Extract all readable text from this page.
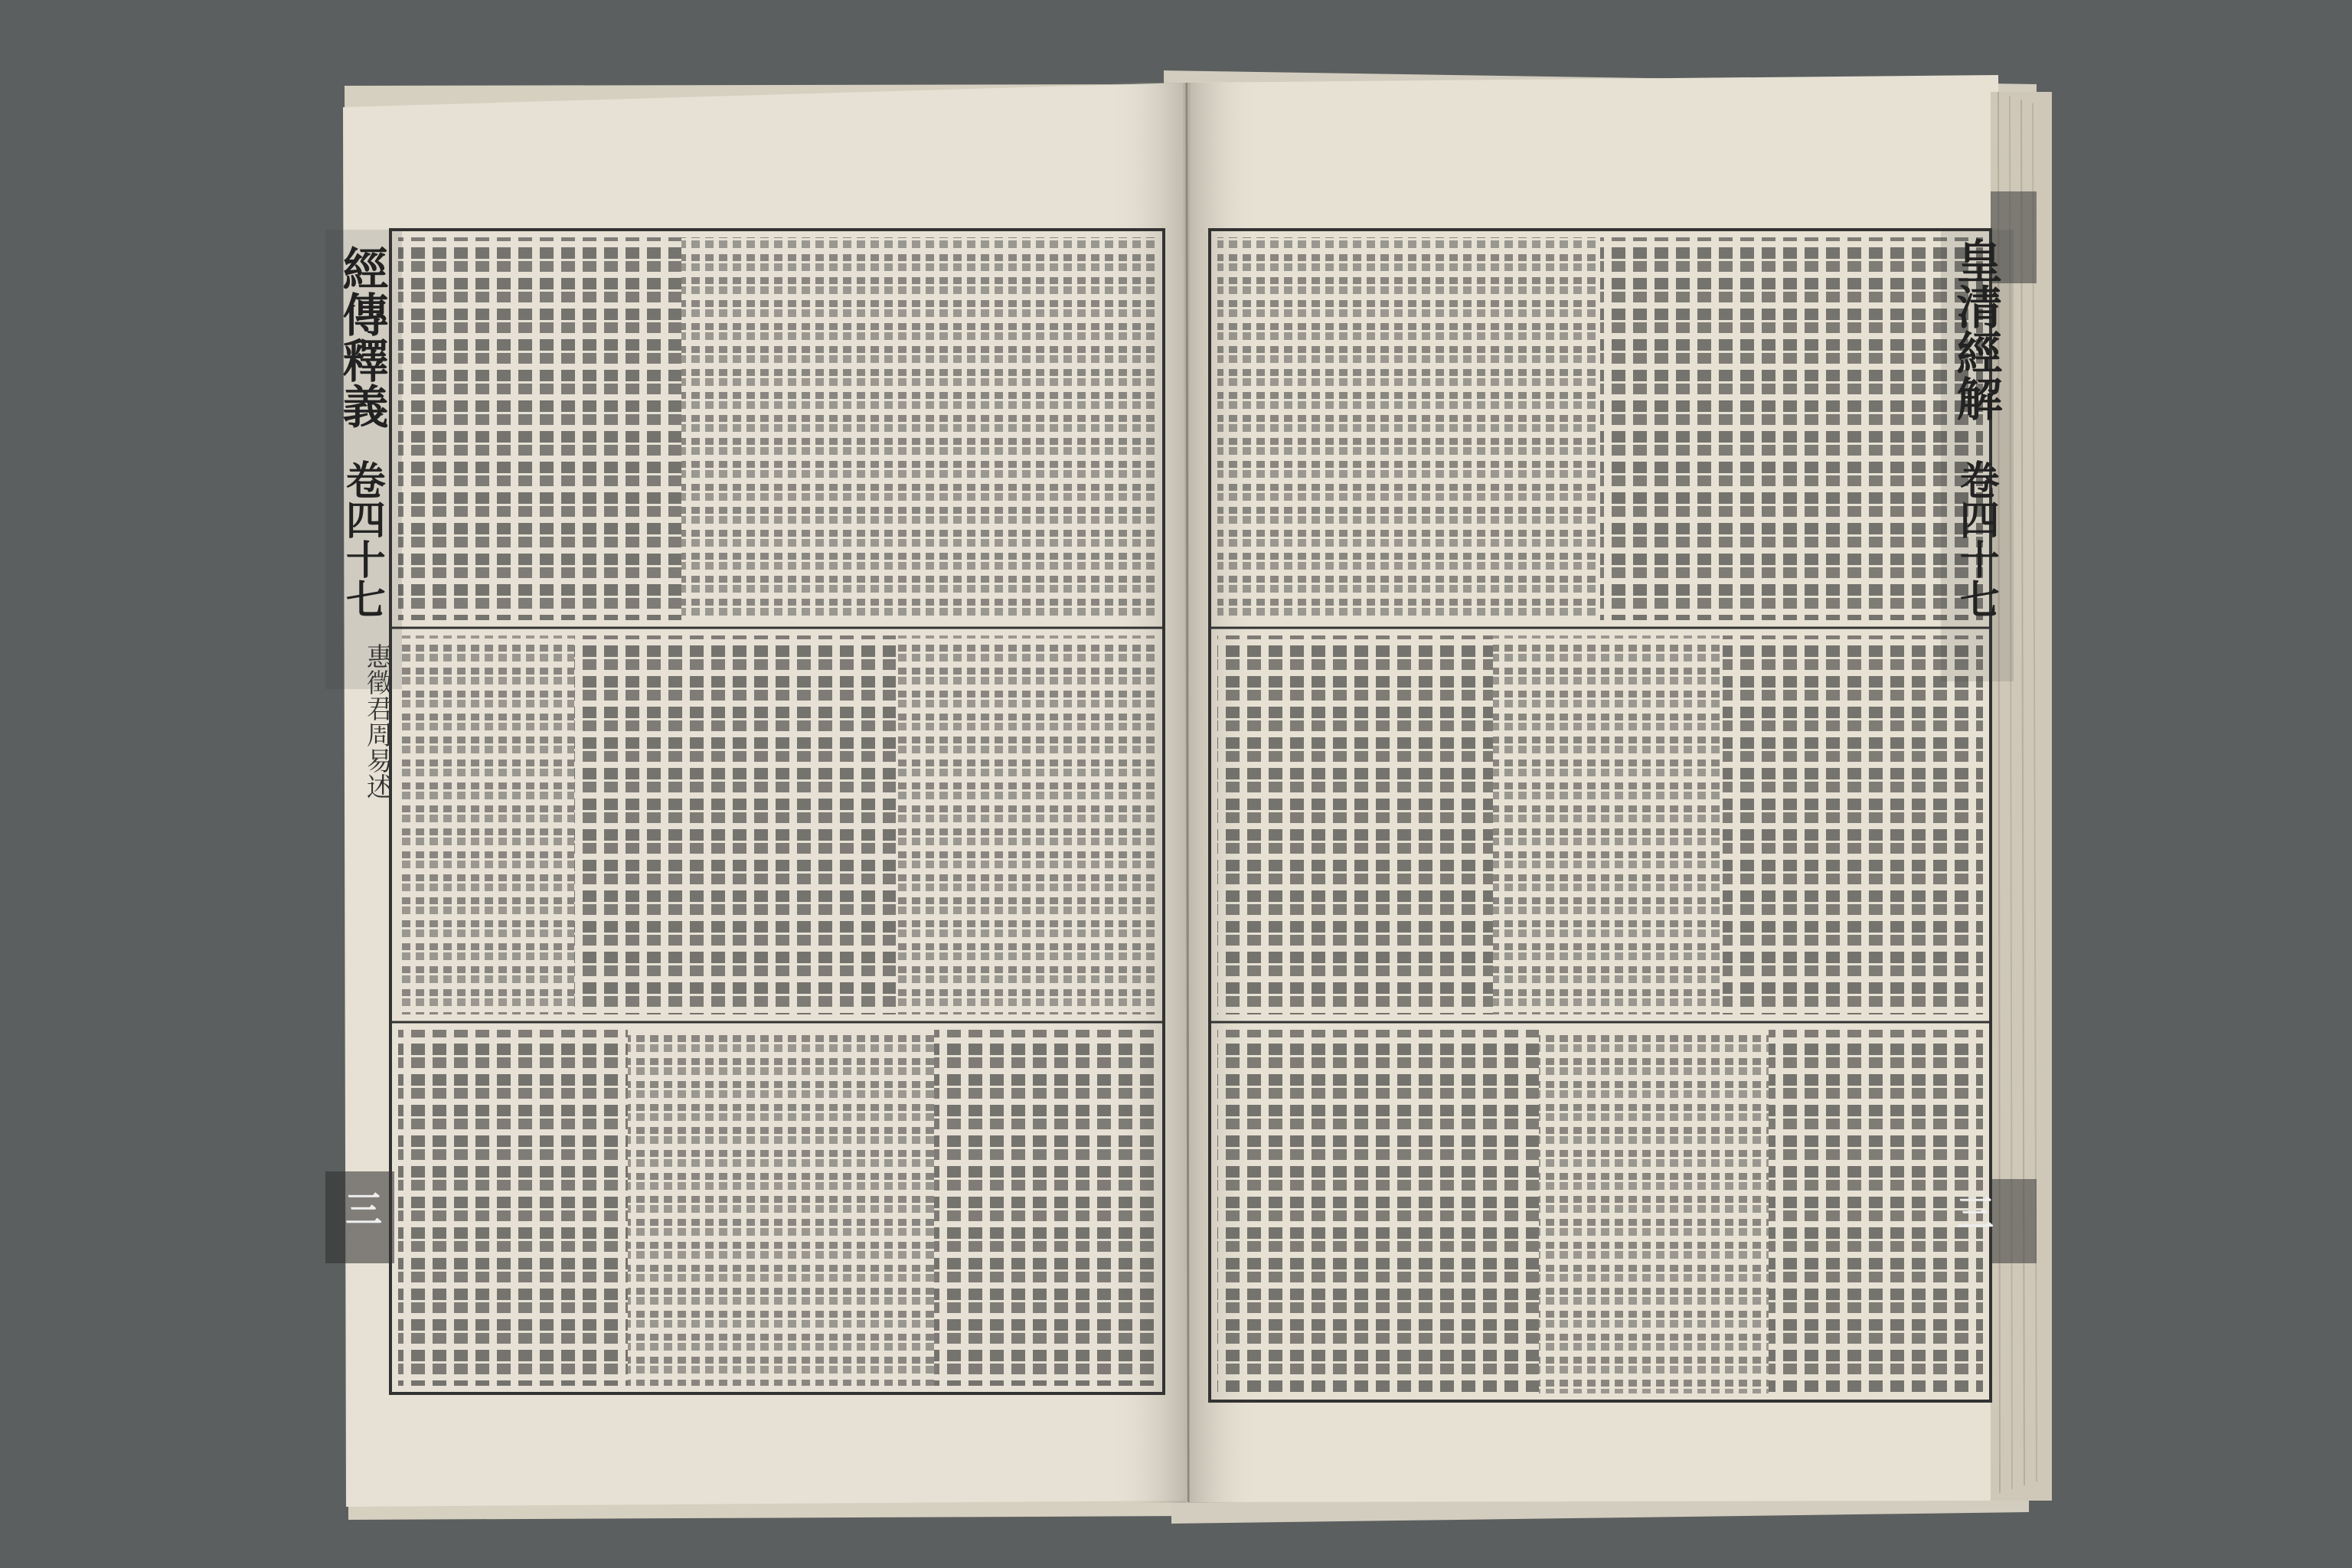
經傳釋義
卷四十七
惠徵君周易述
三
皇清經解
卷四十七
三
